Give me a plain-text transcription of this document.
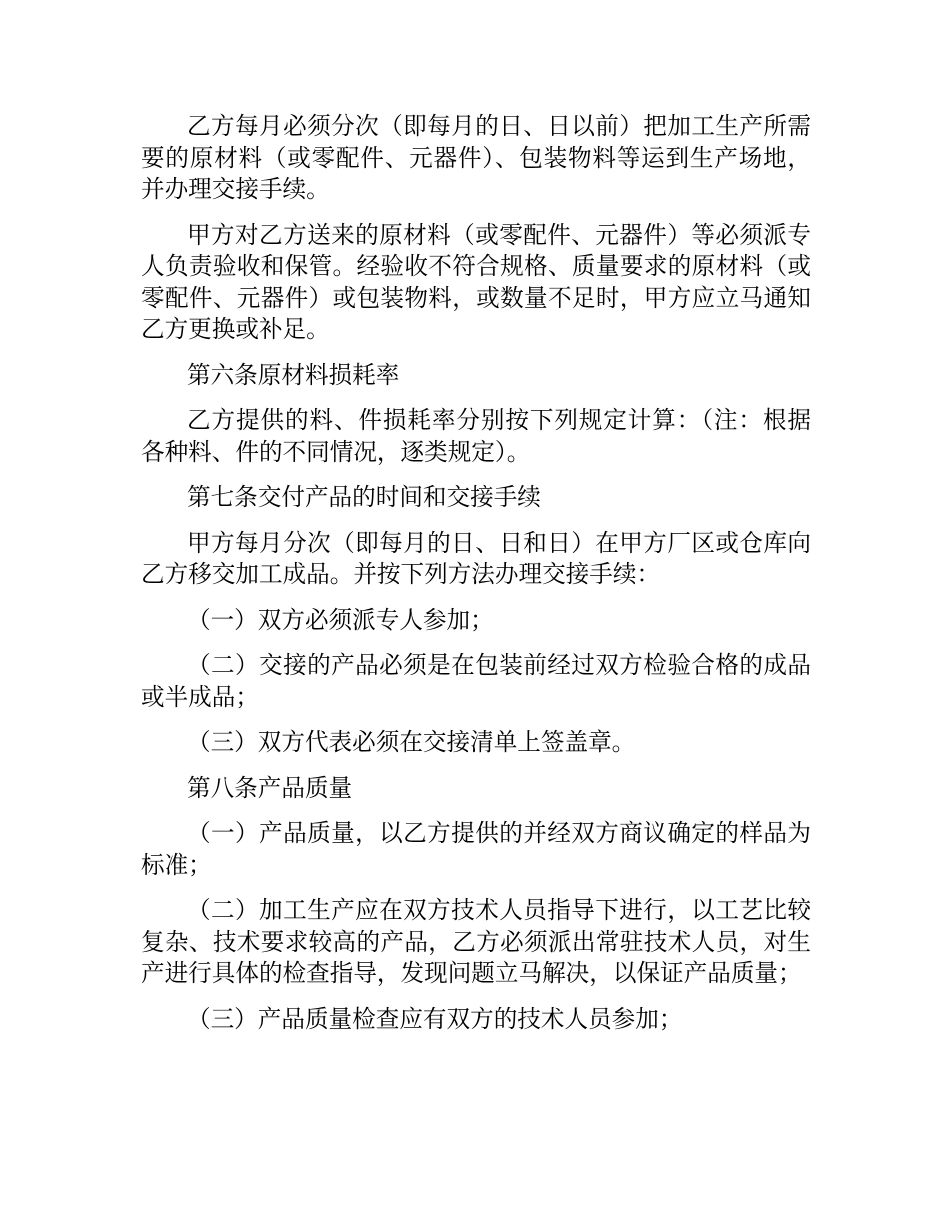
乙方每月必须分次（即每月的日、日以前）把加工生产所需要的原材料（或零配件、元器件）、包装物料等运到生产场地，并办理交接手续。

甲方对乙方送来的原材料（或零配件、元器件）等必须派专人负责验收和保管。经验收不符合规格、质量要求的原材料（或零配件、元器件）或包装物料，或数量不足时，甲方应立马通知乙方更换或补足。

第六条原材料损耗率

乙方提供的料、件损耗率分别按下列规定计算：（注：根据各种料、件的不同情况，逐类规定）。

第七条交付产品的时间和交接手续

甲方每月分次（即每月的日、日和日）在甲方厂区或仓库向乙方移交加工成品。并按下列方法办理交接手续：

（一）双方必须派专人参加；

（二）交接的产品必须是在包装前经过双方检验合格的成品或半成品；

（三）双方代表必须在交接清单上签盖章。

第八条产品质量

（一）产品质量，以乙方提供的并经双方商议确定的样品为标准；

（二）加工生产应在双方技术人员指导下进行，以工艺比较复杂、技术要求较高的产品，乙方必须派出常驻技术人员，对生产进行具体的检查指导，发现问题立马解决，以保证产品质量；

（三）产品质量检查应有双方的技术人员参加；
